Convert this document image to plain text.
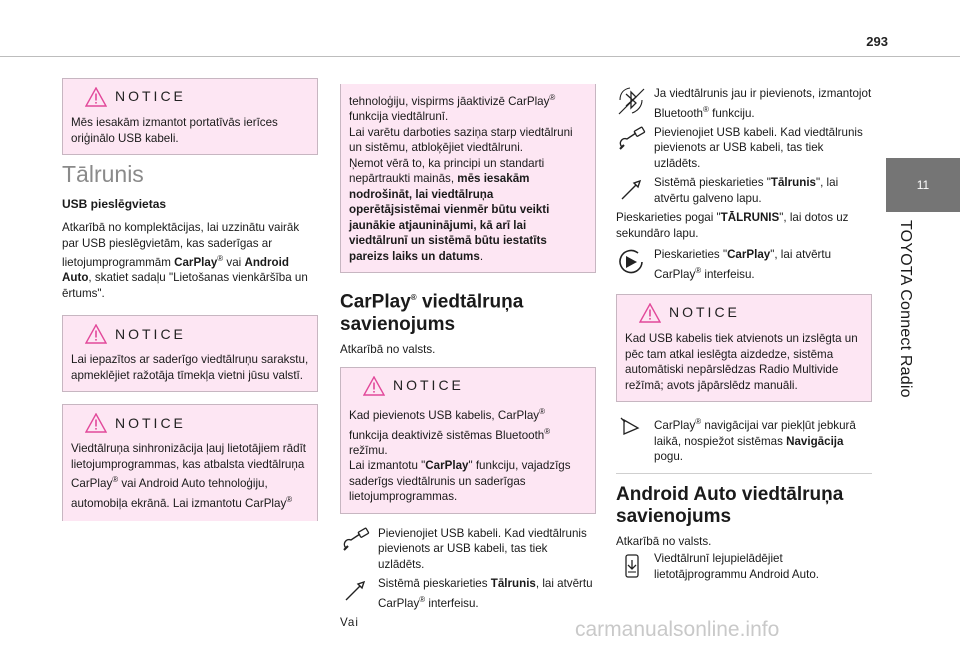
293
11
TOYOTA Connect Radio
NOTICE

Mēs iesakām izmantot portatīvās ierīces oriģinālo USB kabeli.

Tālrunis
USB pieslēgvietas

Atkarībā no komplektācijas, lai uzzinātu vairāk par USB pieslēgvietām, kas saderīgas ar lietojumprogrammām CarPlay® vai Android Auto, skatiet sadaļu "Lietošanas vienkāršība un ērtums".

NOTICE

Lai iepazītos ar saderīgo viedtālruņu sarakstu, apmeklējiet ražotāja tīmekļa vietni jūsu valstī.

NOTICE

Viedtālruņa sinhronizācija ļauj lietotājiem rādīt lietojumprogrammas, kas atbalsta viedtālruņa CarPlay® vai Android Auto tehnoloģiju, automobiļa ekrānā. Lai izmantotu CarPlay®

tehnoloģiju, vispirms jāaktivizē CarPlay® funkcija viedtālrunī.

Lai varētu darboties saziņa starp viedtālruni un sistēmu, atbloķējiet viedtālruni.

Ņemot vērā to, ka principi un standarti nepārtraukti mainās, mēs iesakām nodrošināt, lai viedtālruņa operētājsistēmai vienmēr būtu veikti jaunākie atjauninājumi, kā arī lai viedtālrunī un sistēmā būtu iestatīts pareizs laiks un datums.

CarPlay® viedtālruņa savienojums

Atkarībā no valsts.

NOTICE

Kad pievienots USB kabelis, CarPlay® funkcija deaktivizē sistēmas Bluetooth® režīmu.

Lai izmantotu "CarPlay" funkciju, vajadzīgs saderīgs viedtālrunis un saderīgas lietojumprogrammas.

Pievienojiet USB kabeli. Kad viedtālrunis pievienots ar USB kabeli, tas tiek uzlādēts.
Sistēmā pieskarieties Tālrunis, lai atvērtu CarPlay® interfeisu.

Vai

Ja viedtālrunis jau ir pievienots, izmantojot Bluetooth® funkciju.
Pievienojiet USB kabeli. Kad viedtālrunis pievienots ar USB kabeli, tas tiek uzlādēts.
Sistēmā pieskarieties "Tālrunis", lai atvērtu galveno lapu.

Pieskarieties pogai "TĀLRUNIS", lai dotos uz sekundāro lapu.

Pieskarieties "CarPlay", lai atvērtu CarPlay® interfeisu.
NOTICE

Kad USB kabelis tiek atvienots un izslēgta un pēc tam atkal ieslēgta aizdedze, sistēma automātiski nepārslēdzas Radio Multivide režīmā; avots jāpārslēdz manuāli.

CarPlay® navigācijai var piekļūt jebkurā laikā, nospiežot sistēmas Navigācija pogu.
Android Auto viedtālruņa savienojums

Atkarībā no valsts.

Viedtālrunī lejupielādējiet lietotājprogrammu Android Auto.
carmanualsonline.info
